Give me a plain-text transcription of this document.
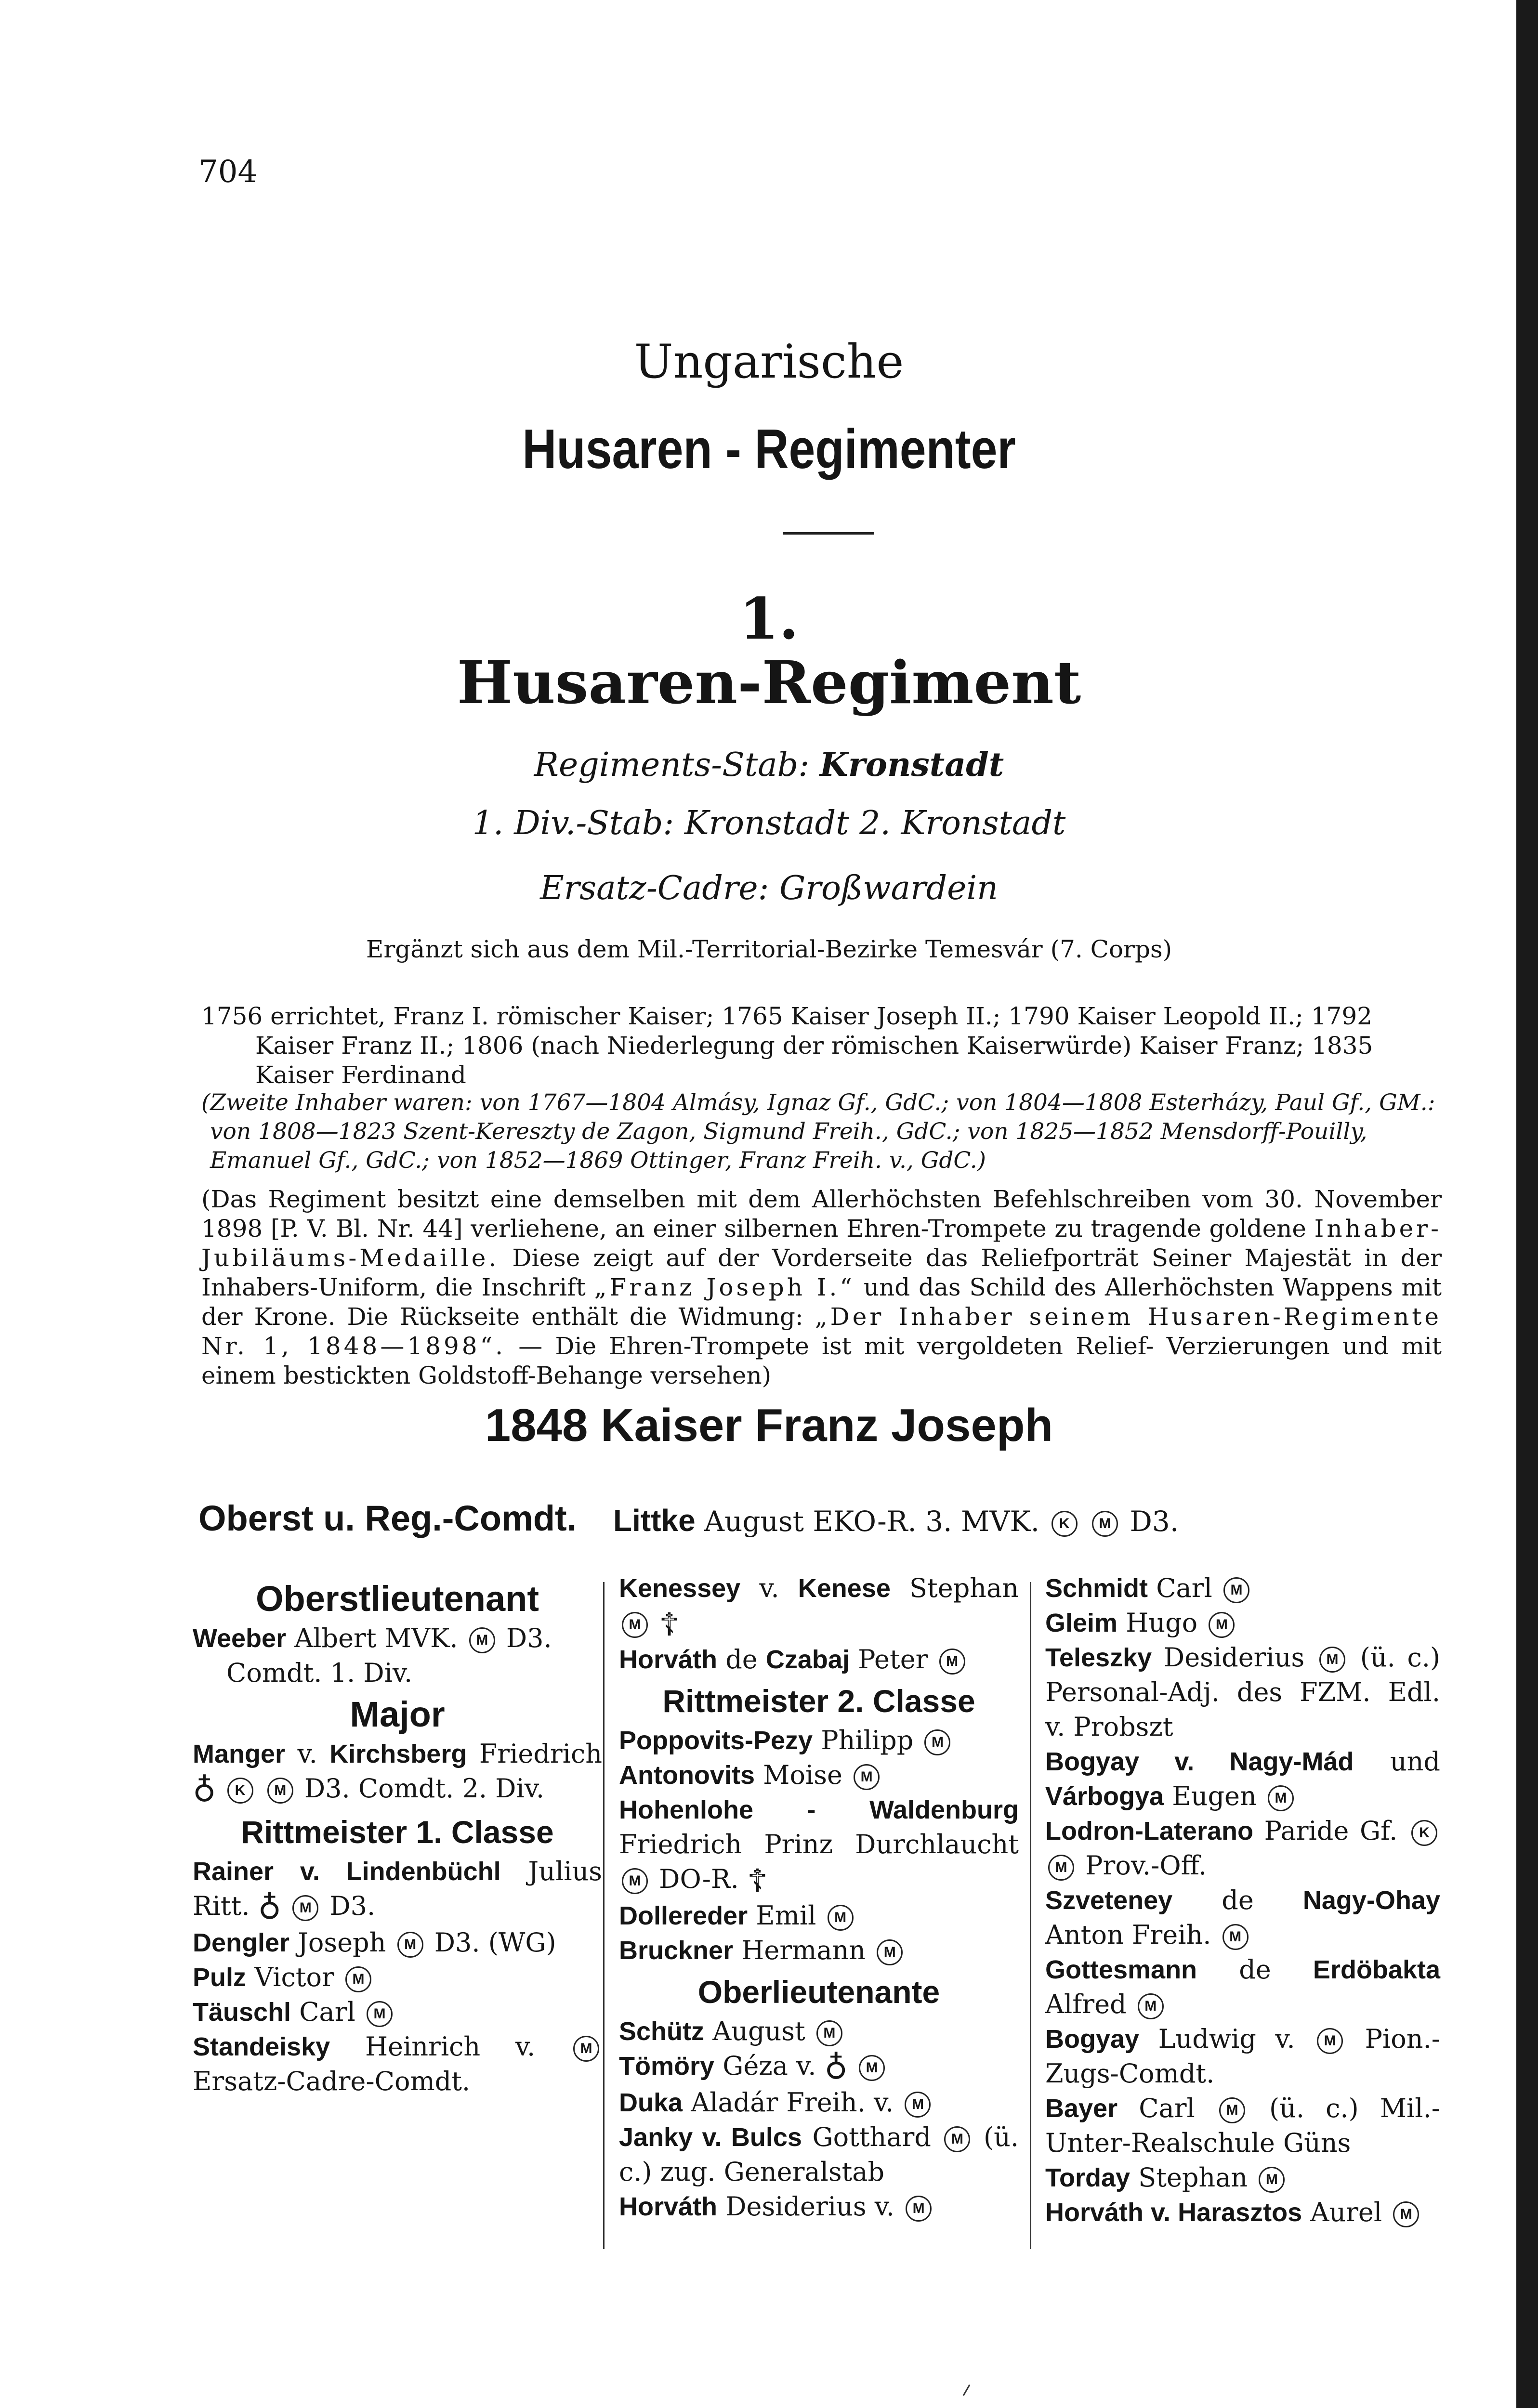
704
Ungarische
Husaren - Regimenter
1.
Husaren-Regiment
Regiments-Stab: Kronstadt
1. Div.-Stab: Kronstadt 2. Kronstadt
Ersatz-Cadre: Großwardein
Ergänzt sich aus dem Mil.-Territorial-Bezirke Temesvár (7. Corps)

1756 errichtet, Franz I. römischer Kaiser; 1765 Kaiser Joseph II.; 1790 Kaiser Leopold II.; 1792 Kaiser Franz II.; 1806 (nach Niederlegung der römischen Kaiserwürde) Kaiser Franz; 1835 Kaiser Ferdinand

(Zweite Inhaber waren: von 1767—1804 Almásy, Ignaz Gf., GdC.; von 1804—1808 Esterházy, Paul Gf., GM.: von 1808—1823 Szent-Kereszty de Zagon, Sigmund Freih., GdC.; von 1825—1852 Mensdorff-Pouilly, Emanuel Gf., GdC.; von 1852—1869 Ottinger, Franz Freih. v., GdC.)

(Das Regiment besitzt eine demselben mit dem Allerhöchsten Befehlschreiben vom 30. November 1898 [P. V. Bl. Nr. 44] verliehene, an einer silbernen Ehren-Trompete zu tragende goldene Inhaber-Jubiläums-Medaille. Diese zeigt auf der Vorderseite das Reliefporträt Seiner Majestät in der Inhabers-Uniform, die Inschrift „Franz Joseph I.“ und das Schild des Allerhöchsten Wappens mit der Krone. Die Rückseite enthält die Widmung: „Der Inhaber seinem Husaren-Regimente Nr. 1, 1848—1898“. — Die Ehren-Trompete ist mit vergoldeten Relief- Verzierungen und mit einem bestickten Goldstoff-Behange versehen)

1848 Kaiser Franz Joseph
Oberst u. Reg.-Comdt. Littke August EKO-R. 3. MVK. K M D3.
Oberstlieutenant

Weeber Albert MVK. M D3.

Comdt. 1. Div.

Major

Manger v. Kirchsberg Friedrich ♁ K M D3. Comdt. 2. Div.

Rittmeister 1. Classe

Rainer v. Lindenbüchl Julius Ritt. ♁ M D3.

Dengler Joseph M D3. (WG)

Pulz Victor M

Täuschl Carl M

Standeisky Heinrich v.	M Ersatz-Cadre-Comdt.

Kenessey v. Kenese Stephan M ☦

Horváth de Czabaj Peter M

Rittmeister 2. Classe

Poppovits-Pezy Philipp M

Antonovits Moise M

Hohenlohe - Waldenburg Friedrich Prinz Durchlaucht M DO-R. ☦

Dollereder Emil M

Bruckner Hermann M

Oberlieutenante

Schütz August M

Tömöry Géza v. ♁ M

Duka Aladár Freih. v. M

Janky v. Bulcs Gotthard M (ü. c.) zug. Generalstab

Horváth Desiderius v. M

Schmidt Carl M

Gleim Hugo M

Teleszky Desiderius M (ü. c.) Personal-Adj. des FZM. Edl. v. Probszt

Bogyay v. Nagy-Mád und Várbogya Eugen M

Lodron-Laterano Paride Gf. K M Prov.-Off.

Szveteney de Nagy-Ohay Anton Freih. M

Gottesmann de Erdöbakta Alfred M

Bogyay Ludwig v. M Pion.-Zugs-Comdt.

Bayer Carl M (ü. c.) Mil.-Unter-Realschule Güns

Torday Stephan M

Horváth v. Harasztos Aurel M
